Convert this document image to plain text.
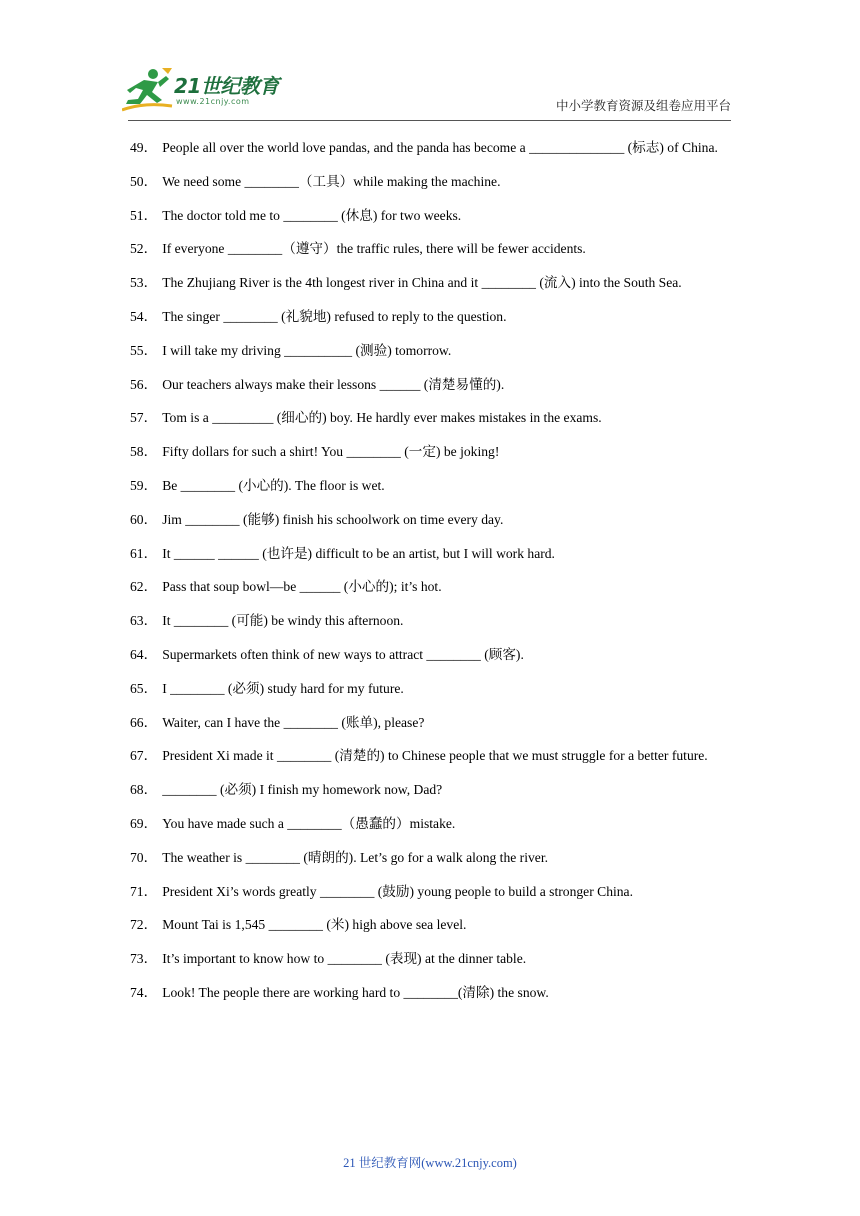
21世纪教育
www.21cnjy.com	中小学教育资源及组卷应用平台
49． People all over the world love pandas, and the panda has become a ______________ (标志) of China.
50． We need some ________（工具）while making the machine.
51． The doctor told me to ________ (休息) for two weeks.
52． If everyone ________（遵守）the traffic rules, there will be fewer accidents.
53． The Zhujiang River is the 4th longest river in China and it ________ (流入) into the South Sea.
54． The singer ________ (礼貌地) refused to reply to the question.
55． I will take my driving __________ (测验) tomorrow.
56． Our teachers always make their lessons ______ (清楚易懂的).
57． Tom is a _________ (细心的) boy. He hardly ever makes mistakes in the exams.
58． Fifty dollars for such a shirt! You ________ (一定) be joking!
59． Be ________ (小心的). The floor is wet.
60． Jim ________ (能够) finish his schoolwork on time every day.
61． It ______ ______ (也许是) difficult to be an artist, but I will work hard.
62． Pass that soup bowl—be ______ (小心的); it’s hot.
63． It ________ (可能) be windy this afternoon.
64． Supermarkets often think of new ways to attract ________ (顾客).
65． I ________ (必须) study hard for my future.
66． Waiter, can I have the ________ (账单), please?
67． President Xi made it ________ (清楚的) to Chinese people that we must struggle for a better future.
68． ________ (必须) I finish my homework now, Dad?
69． You have made such a ________（愚蠢的）mistake.
70． The weather is ________ (晴朗的). Let’s go for a walk along the river.
71． President Xi’s words greatly ________ (鼓励) young people to build a stronger China.
72． Mount Tai is 1,545 ________ (米) high above sea level.
73． It’s important to know how to ________ (表现) at the dinner table.
74． Look! The people there are working hard to ________(清除) the snow.
21 世纪教育网(www.21cnjy.com)
